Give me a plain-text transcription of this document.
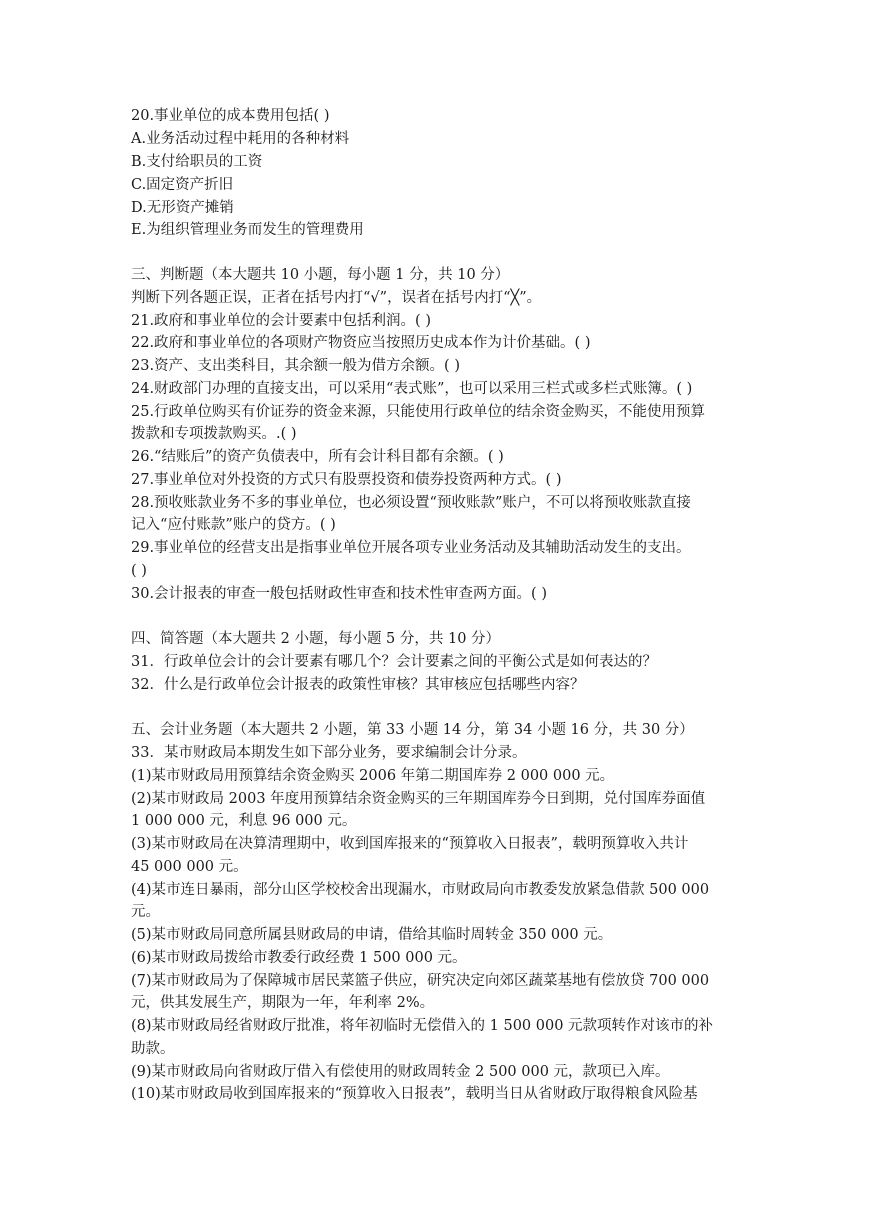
20.事业单位的成本费用包括( )
A.业务活动过程中耗用的各种材料
B.支付给职员的工资
C.固定资产折旧
D.无形资产摊销
E.为组织管理业务而发生的管理费用
三、判断题（本大题共 10 小题，每小题 1 分，共 10 分）
判断下列各题正误，正者在括号内打“√”，误者在括号内打“╳”。
21.政府和事业单位的会计要素中包括利润。( )
22.政府和事业单位的各项财产物资应当按照历史成本作为计价基础。( )
23.资产、支出类科目，其余额一般为借方余额。( )
24.财政部门办理的直接支出，可以采用“表式账”，也可以采用三栏式或多栏式账簿。( )
25.行政单位购买有价证券的资金来源，只能使用行政单位的结余资金购买，不能使用预算
拨款和专项拨款购买。.( )
26.“结账后”的资产负债表中，所有会计科目都有余额。( )
27.事业单位对外投资的方式只有股票投资和债券投资两种方式。( )
28.预收账款业务不多的事业单位，也必须设置“预收账款”账户，不可以将预收账款直接
记入“应付账款”账户的贷方。( )
29.事业单位的经营支出是指事业单位开展各项专业业务活动及其辅助活动发生的支出。
( )
30.会计报表的审查一般包括财政性审查和技术性审查两方面。( )
四、简答题（本大题共 2 小题，每小题 5 分，共 10 分）
31．行政单位会计的会计要素有哪几个？会计要素之间的平衡公式是如何表达的？
32．什么是行政单位会计报表的政策性审核？其审核应包括哪些内容？
五、会计业务题（本大题共 2 小题，第 33 小题 14 分，第 34 小题 16 分，共 30 分）
33．某市财政局本期发生如下部分业务，要求编制会计分录。
(1)某市财政局用预算结余资金购买 2006 年第二期国库券 2 000 000 元。
(2)某市财政局 2003 年度用预算结余资金购买的三年期国库券今日到期，兑付国库券面值
1 000 000 元，利息 96 000 元。
(3)某市财政局在决算清理期中，收到国库报来的“预算收入日报表”，载明预算收入共计
45 000 000 元。
(4)某市连日暴雨，部分山区学校校舍出现漏水，市财政局向市教委发放紧急借款 500 000
元。
(5)某市财政局同意所属县财政局的申请，借给其临时周转金 350 000 元。
(6)某市财政局拨给市教委行政经费 1 500 000 元。
(7)某市财政局为了保障城市居民菜篮子供应，研究决定向郊区蔬菜基地有偿放贷 700 000
元，供其发展生产，期限为一年，年利率 2%。
(8)某市财政局经省财政厅批准，将年初临时无偿借入的 1 500 000 元款项转作对该市的补
助款。
(9)某市财政局向省财政厅借入有偿使用的财政周转金 2 500 000 元，款项已入库。
(10)某市财政局收到国库报来的“预算收入日报表”，载明当日从省财政厅取得粮食风险基
